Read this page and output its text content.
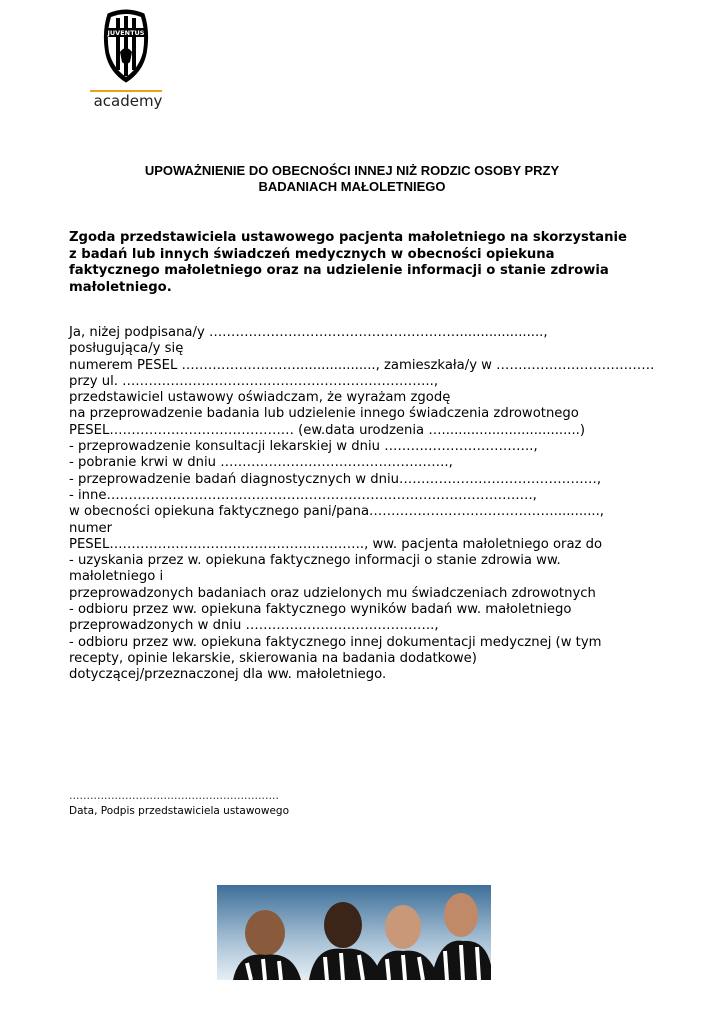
JUVENTUS
academy
UPOWAŻNIENIE DO OBECNOŚCI INNEJ NIŻ RODZIC OSOBY PRZY
BADANIACH MAŁOLETNIEGO
Zgoda przedstawiciela ustawowego pacjenta małoletniego na skorzystanie
z badań lub innych świadczeń medycznych w obecności opiekuna
faktycznego małoletniego oraz na udzielenie informacji o stanie zdrowia
małoletniego.
Ja, niżej podpisana/y …………………………………………………....................,
posługująca/y się
numerem PESEL ……………………….................., zamieszkała/y w ………………………………
przy ul. ……………………………………………………………..,
przedstawiciel ustawowy oświadczam, że wyrażam zgodę
na przeprowadzenie badania lub udzielenie innego świadczenia zdrowotnego
PESEL…………………………………… (ew.data urodzenia ….................................)
- przeprowadzenie konsultacji lekarskiej w dniu …………………………….,
- pobranie krwi w dniu …………………………………………….,
- przeprowadzenie badań diagnostycznych w dniu………………………………………,
- inne…………………………………………………………………………………….,
w obecności opiekuna faktycznego pani/pana……………………………………...........,
numer
PESEL…………………………………………………., ww. pacjenta małoletniego oraz do
- uzyskania przez w. opiekuna faktycznego informacji o stanie zdrowia ww.
małoletniego i
przeprowadzonych badaniach oraz udzielonych mu świadczeniach zdrowotnych
- odbioru przez ww. opiekuna faktycznego wyników badań ww. małoletniego
przeprowadzonych w dniu …………………………………….,
- odbioru przez ww. opiekuna faktycznego innej dokumentacji medycznej (w tym
recepty, opinie lekarskie, skierowania na badania dodatkowe)
dotyczącej/przeznaczonej dla ww. małoletniego.
……………………………………………………
Data, Podpis przedstawiciela ustawowego
